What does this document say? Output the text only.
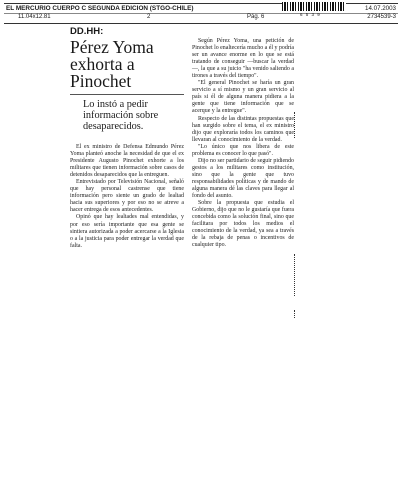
EL MERCURIO CUERPO C SEGUNDA EDICION (STGO-CHILE)	14.07.2003
11.04x12.81	2	Pág. 6	2734539-3
6 5 3 9
DD.HH:
Pérez Yoma
exhorta a
Pinochet
Lo instó a pedir
información sobre
desaparecidos.

El ex ministro de Defensa Edmundo Pérez Yoma planteó anoche la necesidad de que el ex Presidente Augusto Pinochet exhorte a los militares que tienen información sobre casos de detenidos desaparecidos que la entreguen.

Entrevistado por Televisión Nacional, señaló que hay personal castrense que tiene información pero siente un grado de lealtad hacia sus superiores y por eso no se atreve a hacer entrega de esos antecedentes.

Opinó que hay lealtades mal entendidas, y por eso sería importante que esa gente se sintiera autorizada a poder acercarse a la Iglesia o a la justicia para poder entregar la verdad que falta.

Según Pérez Yoma, una petición de Pinochet lo enaltecería mucho a él y podría ser un avance enorme en lo que se está tratando de conseguir —buscar la verdad—, la que a su juicio "ha venido saliendo a tirones a través del tiempo".

"El general Pinochet se haría un gran servicio a sí mismo y un gran servicio al país si él de alguna manera pidiera a la gente que tiene información que se acerque y la entregue".

Respecto de las distintas propuestas que han surgido sobre el tema, el ex ministro dijo que exploraría todos los caminos que llevaran al conocimiento de la verdad.

"Lo único que nos libera de este problema es conocer lo que pasó".

Dijo no ser partidario de seguir pidiendo gestos a los militares como institución, sino que la gente que tuvo responsabilidades políticas y de mando de alguna manera dé las claves para llegar al fondo del asunto.

Sobre la propuesta que estudia el Gobierno, dijo que no le gustaría que fuera concebida como la solución final, sino que facilitara por todos los medios el conocimiento de la verdad, ya sea a través de la rebaja de penas o incentivos de cualquier tipo.
